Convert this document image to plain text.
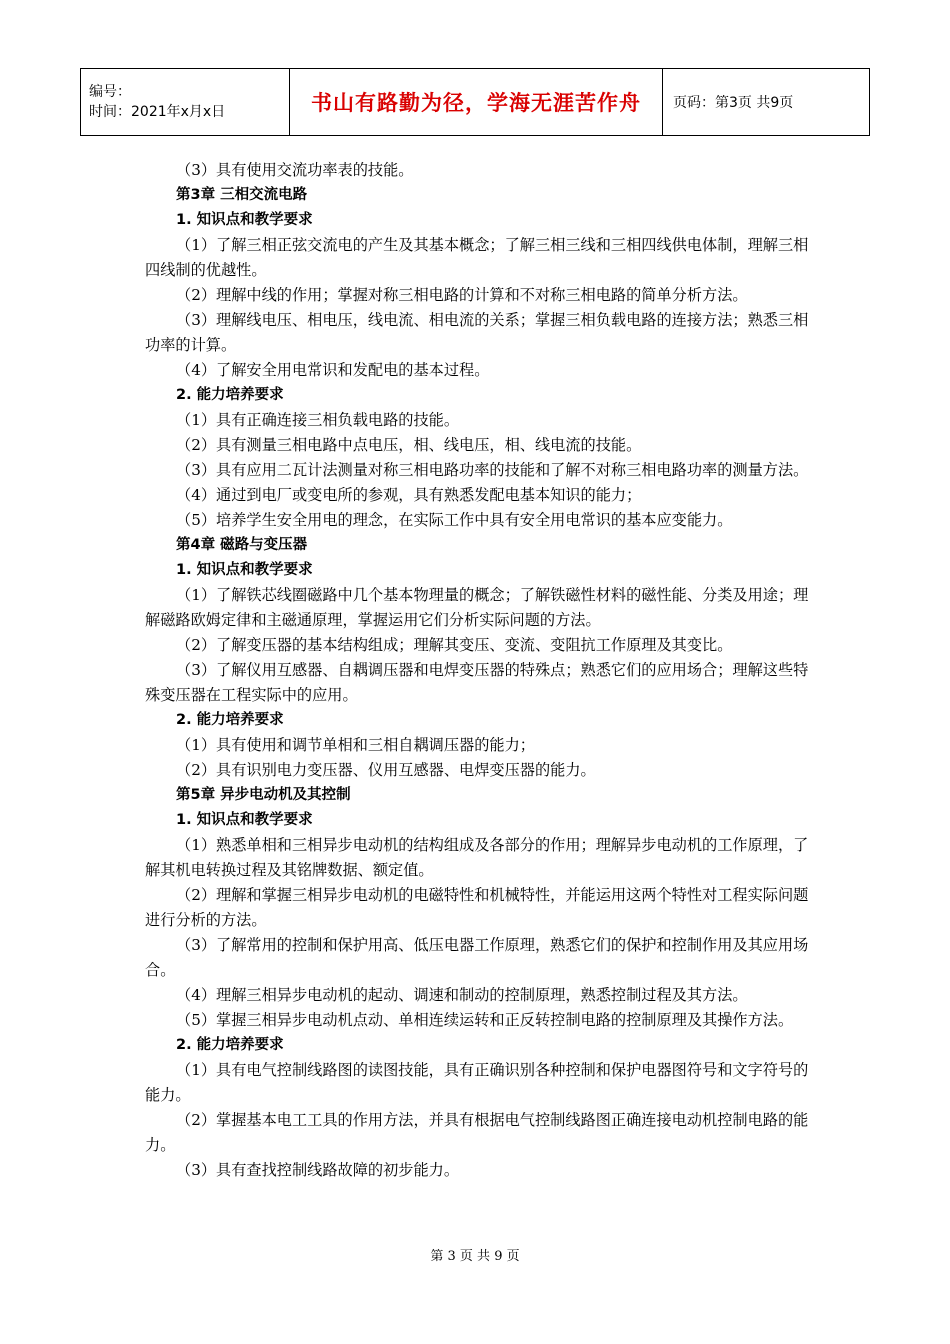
编号：
时间：2021年x月x日	书山有路勤为径，学海无涯苦作舟	页码：第3页 共9页

（3）具有使用交流功率表的技能。

第3章 三相交流电路

1. 知识点和教学要求

（1）了解三相正弦交流电的产生及其基本概念；了解三相三线和三相四线供电体制，理解三相四线制的优越性。

（2）理解中线的作用；掌握对称三相电路的计算和不对称三相电路的简单分析方法。

（3）理解线电压、相电压，线电流、相电流的关系；掌握三相负载电路的连接方法；熟悉三相功率的计算。

（4）了解安全用电常识和发配电的基本过程。

2. 能力培养要求

（1）具有正确连接三相负载电路的技能。

（2）具有测量三相电路中点电压，相、线电压，相、线电流的技能。

（3）具有应用二瓦计法测量对称三相电路功率的技能和了解不对称三相电路功率的测量方法。

（4）通过到电厂或变电所的参观，具有熟悉发配电基本知识的能力；

（5）培养学生安全用电的理念，在实际工作中具有安全用电常识的基本应变能力。

第4章 磁路与变压器

1. 知识点和教学要求

（1）了解铁芯线圈磁路中几个基本物理量的概念；了解铁磁性材料的磁性能、分类及用途；理解磁路欧姆定律和主磁通原理，掌握运用它们分析实际问题的方法。

（2）了解变压器的基本结构组成；理解其变压、变流、变阻抗工作原理及其变比。

（3）了解仪用互感器、自耦调压器和电焊变压器的特殊点；熟悉它们的应用场合；理解这些特殊变压器在工程实际中的应用。

2. 能力培养要求

（1）具有使用和调节单相和三相自耦调压器的能力；

（2）具有识别电力变压器、仪用互感器、电焊变压器的能力。

第5章 异步电动机及其控制

1. 知识点和教学要求

（1）熟悉单相和三相异步电动机的结构组成及各部分的作用；理解异步电动机的工作原理，了解其机电转换过程及其铭牌数据、额定值。

（2）理解和掌握三相异步电动机的电磁特性和机械特性，并能运用这两个特性对工程实际问题进行分析的方法。

（3）了解常用的控制和保护用高、低压电器工作原理，熟悉它们的保护和控制作用及其应用场合。

（4）理解三相异步电动机的起动、调速和制动的控制原理，熟悉控制过程及其方法。

（5）掌握三相异步电动机点动、单相连续运转和正反转控制电路的控制原理及其操作方法。

2. 能力培养要求

（1）具有电气控制线路图的读图技能，具有正确识别各种控制和保护电器图符号和文字符号的能力。

（2）掌握基本电工工具的作用方法，并具有根据电气控制线路图正确连接电动机控制电路的能力。

（3）具有查找控制线路故障的初步能力。

第 3 页 共 9 页
